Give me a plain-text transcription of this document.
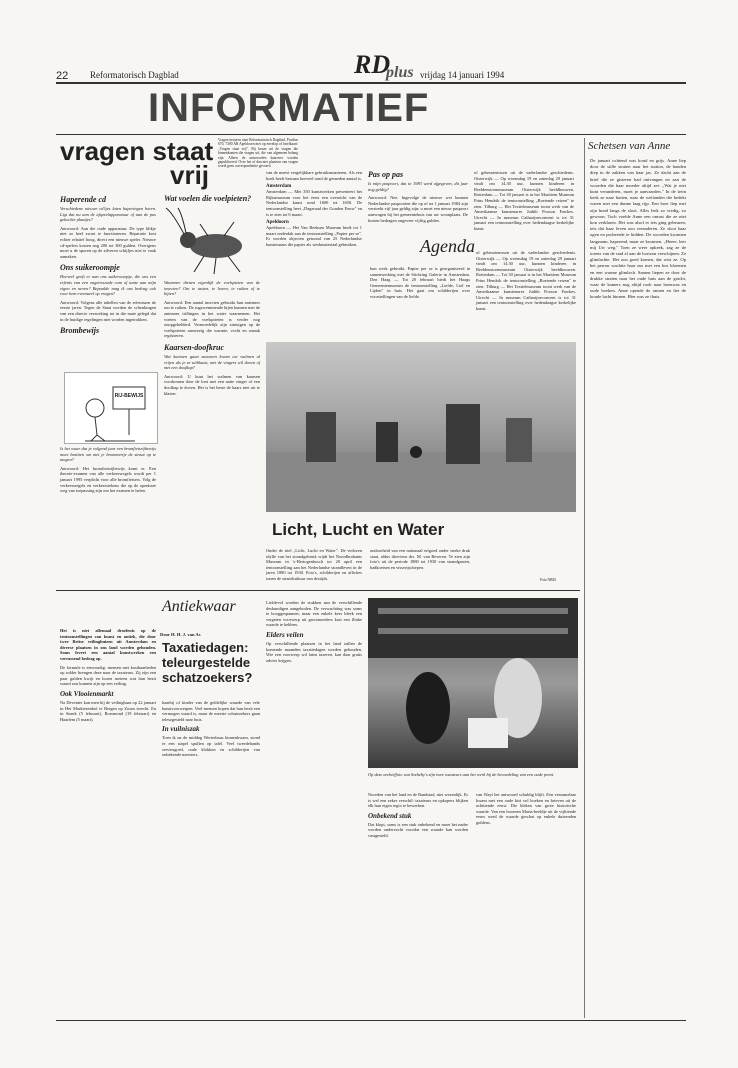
22 Reformatorisch Dagblad	RD
plus vrijdag 14 januari 1994
INFORMATIEF
vragen staat
vrij
Vragen insturen naar Reformatorisch Dagblad, Postbus 670, 7300 AR Apeldoorn met op envelop of briefkaart: „Vragen staat vrij". Bij keuze uit de vragen die binnenkomen die vragen uit, die van algemeen belang zijn. Alleen de antwoorden daarover worden gepubliceerd. Over het of dan niet plaatsen van vragen wordt geen correspondentie gevoerd.
Haperende cd

Verschiedene nieuwe cd'tjes laten haperingen horen. Ligt dat nu aan de afspeelapparatuur of aan de pas gekochte plaatjes?

Antwoord: Aan die oude apparatuur. De type blikje niet zo heel zwart te functioneren. Reparatie kost echter relatief hoog, direct een nieuwe speler. Nieuwe cd-spelers kosten nog 200 tot 300 gulden. Overigens moet u de sporen op de zilveren schijfjes niet te vaak aanraken.

Ons suikeroompje

Hoeveel geeft er aan ons suikeroompje, die ons een erfenis van een ongetrouwde oom of tante aan mijn eigen en neven? Bepaalde mag ik ons bedrag ook voor hem eventueel op vragen?

Antwoord: Volgens alle tabellen van de erfenissen de eerste jaren. Tegen de Staat worden de schenkingen van een directe verzoeking tot in die mate gelegd dat in de huidige regelingen niet worden ingetrokken.

Brombewijs
RIJ-BEWIJS

Is het waar dat je volgend jaar een bromfietsrijbewijs moet bezitten om met je brommertje de straat op te mogen?

Antwoord: Het bromfietsrijbewijs komt er. Een theorie-examen van alle verkeersregels wordt per 1 januari 1995 verplicht voor alle bromfietsers. Volg de verkeersregels en verkeerstekens die op de openbare weg van toepassing zijn om het examen te halen.

Wat voelen die voelpieten?

Waarmee dienen eigenlijk de voelspieten van de insecten? Om te tasten, te horen, te ruiken of te bijten?

Antwoord: Een aantal insecten gebruikt hun antennes om te ruiken. De rugzwemmende bijen kunnen met de antennes trillingen in het water waarnemen. Het voeten van de voelsprieten is verder nog onopgehelderd. Vermoedelijk zijn zintuigen op de voelsprieten aanwezig die warmte, vocht en smaak registreren.

Kaarsen-doofkruc

Wat kaarsen gaan snauwen kwam uw walmen al vrijen als je ze uitblaast, met de vingers wil doven of met een doofkap?

Antwoord: U kunt het walmen van kaarsen voorkomen door de lont met een natte vinger of een doofkap te doven. Het is het beste de kaars niet uit te blazen.

van de meest vergelijkbare gebruiksmanieren. Als een boek heeft bestaan hoeveel rond de gesneden aantal is.

Amsterdam

Amsterdam — Met 350 kunstwerken presenteert het Rijksmuseum voor het eerst een overzicht van de Nederlandse kunst rond 1600 tot 1650. De tentoonstelling heet „Dageraad der Gouden Eeuw" en is te zien tot 6 maart.

Apeldoorn

Apeldoorn — Het Van Reekum Museum biedt tot 1 maart onderdak aan de tentoonstelling „Papier per se". Er worden objecten getoond van 25 Nederlandse kunstenaars die papier als werkmateriaal gebruiken.

Pas op pas

Is mijn paspoort, dat in 1983 werd afgegeven, dit jaar nog geldig?

Antwoord: Nee. Ingevolge de nieuwe wet kunnen Nederlandse paspoorten die op of na 1 januari 1984 zijn verstrekt vijf jaar geldig zijn; u moet een nieuw paspoort aanvragen bij het gemeentehuis van uw woonplaats. De kosten bedragen ongeveer vijftig gulden.

of gebeurtenissen uit de vaderlandse geschiedenis. Oisterwijk — Op woensdag 19 en zaterdag 29 januari vindt om 14.30 uur, kunnen kinderen in Beeldenstormmuseum Oisterwijk beeldhouwen. Rotterdam — Tot 30 januari is in het Maritiem Museum Prins Hendrik de tentoonstelling „Boeiende reizen" te zien. Tilburg — Het Textielmuseum toont werk van de Amerikaanse kunstenares Judith Poxson Fawkes. Utrecht — In museum Catharijneconvent is tot 31 januari een tentoonstelling over hedendaagse kerkelijke kunst.

Agenda

hun werk gebruikt. Papier per se is georganiseerd in samenwerking met de Stichting Galerie in Amsterdam. Den Haag — Tot 20 februari biedt het Haags Gemeentemuseum de tentoonstelling „Liefde, Lief en Lijden" in huis. Het gaat om schilderijen over voorstellingen van de liefde.

Licht, Lucht en Water
Foto NBM

Onder de titel „Licht, Lucht en Water". De verloren idylle van het strandgebruik wijdt het Noordbrabants Museum in 's-Hertogenbosch tot 20 april een tentoonstelling aan het Nederlandse strandleven in de jaren 1880 tot 1930. Foto's, schilderijen en affiches tonen de strandcultuur van destijds.

ondoorheid van een nationaal erfgoed onder sterke druk staat, aldus directeur drs. M. van Beveren. Te zien zijn foto's uit de periode 1880 tot 1930 van strandgasten, badkoetsen en visserijschepen.

of gebeurtenissen uit de vaderlandse geschiedenis. Oisterwijk — Op woensdag 19 en zaterdag 29 januari vindt om 14.30 uur, kunnen kinderen in Beeldenstormmuseum Oisterwijk beeldhouwen. Rotterdam — Tot 30 januari is in het Maritiem Museum Prins Hendrik de tentoonstelling „Boeiende reizen" te zien. Tilburg — Het Textielmuseum toont werk van de Amerikaanse kunstenares Judith Poxson Fawkes. Utrecht — In museum Catharijneconvent is tot 31 januari een tentoonstelling over hedendaagse kerkelijke kunst.

Schetsen van Anne

De januari ochtend was koud en grijs. Anne liep door de stille straten naar het station, de handen diep in de zakken van haar jas. Ze dacht aan de brief die ze gisteren had ontvangen en aan de woorden die haar moeder altijd zei: „Wat je niet kunt veranderen, moet je aanvaarden." In de trein keek ze naar buiten, naar de weilanden die bedekt waren met een dunne laag rijp. Een boer liep met zijn hond langs de sloot. Alles leek zo vredig, zo gewoon. Toch voelde Anne een onrust die ze niet kon verklaren. Het was alsof er iets ging gebeuren, iets dat haar leven zou veranderen. Ze sloot haar ogen en probeerde te bidden. De woorden kwamen langzaam, haperend, maar ze kwamen. „Heere, leer mij Uw weg." Toen ze weer opkeek, zag ze de torens van de stad al aan de horizon verschijnen. Ze glimlachte. Het zou goed komen, dat wist ze. Op het perron wachtte haar zus met een bos bloemen en een warme glimlach. Samen liepen ze door de drukke straten naar het oude huis aan de gracht, waar de kamers nog altijd rook naar boenwas en oude boeken. Anne opende de ramen en liet de koude lucht binnen. Hier was ze thuis.

Antiekwaar
Door H. H. J. van As

Het is niet allemaal droefenis op de tentoonstellingen van kunst en antiek, die door twee Britse veilinghuizen uit Amsterdam en diverse plaatsen in ons land worden gehouden. Soms levert een aantal kunstwerken een verrassend bedrag op.

De formule is eenvoudig: mensen met kostbaarheden op zolder brengen deze naar de taxateurs. Zij zijn een paar gulden kwijt en horen meteen wat hun bezit waard zou kunnen zijn op een veiling.

Ook Vlooienmarkt

Na Deventer kan men bij de veilingbaas op 22 januari in Het Markiezenhof te Bergen op Zoom terecht. En in Sneek (5 februari), Roermond (19 februari) en Haarlem (5 maart).

Taxatiedagen: teleurgestelde schatzoekers?

haarbij of kinder van de geldelijke waarde van vele kunstvoorwerpen. Veel mensen hopen dat hun bezit een vermogen waard is, maar de meeste schatzoekers gaan teleurgesteld naar huis.

In vuilniszak

Toen ik na de middag Werterhaus binnenkwam, stond er een stapel spullen op tafel. Veel tweedehands serviesgoed, oude klokken en schilderijen van onbekende meesters.

Liefdevol worden de stukken aan de verschillende deskundigen aangeboden. De verwachting was soms te hooggespannen, maar een enkele keer bleek een vergeten voorwerp uit grootmoeders kast een flinke waarde te hebben.

Elders veilen

Op verschillende plaatsen in het land zullen de komende maanden taxatiedagen worden gehouden. Wie een voorwerp wil laten taxeren, kan daar gratis advies krijgen.

Op deze archieffoto van Sotheby's zijn twee taxateurs aan het werk bij de beoordeling van een oude prent.

Noorden van het land en de Randstad, niet wezenlijk. Er is wel een zeker verschil: taxateurs en opkopers blijken elk hun eigen regio te bewerken.

Onbekend stuk

Dat klopt, soms is een stuk onbekend en moet het nader worden onderzocht voordat een waarde kan worden vastgesteld.

van Wayt het antwoord schuldig blijft. Een verzamelaar kwam met een oude kist vol boeken en brieven uit de achttiende eeuw. Die bleken van grote historische waarde. Van een hoornen Maria-beeldje uit de vijftiende eeuw werd de waarde geschat op enkele duizenden guldens.
